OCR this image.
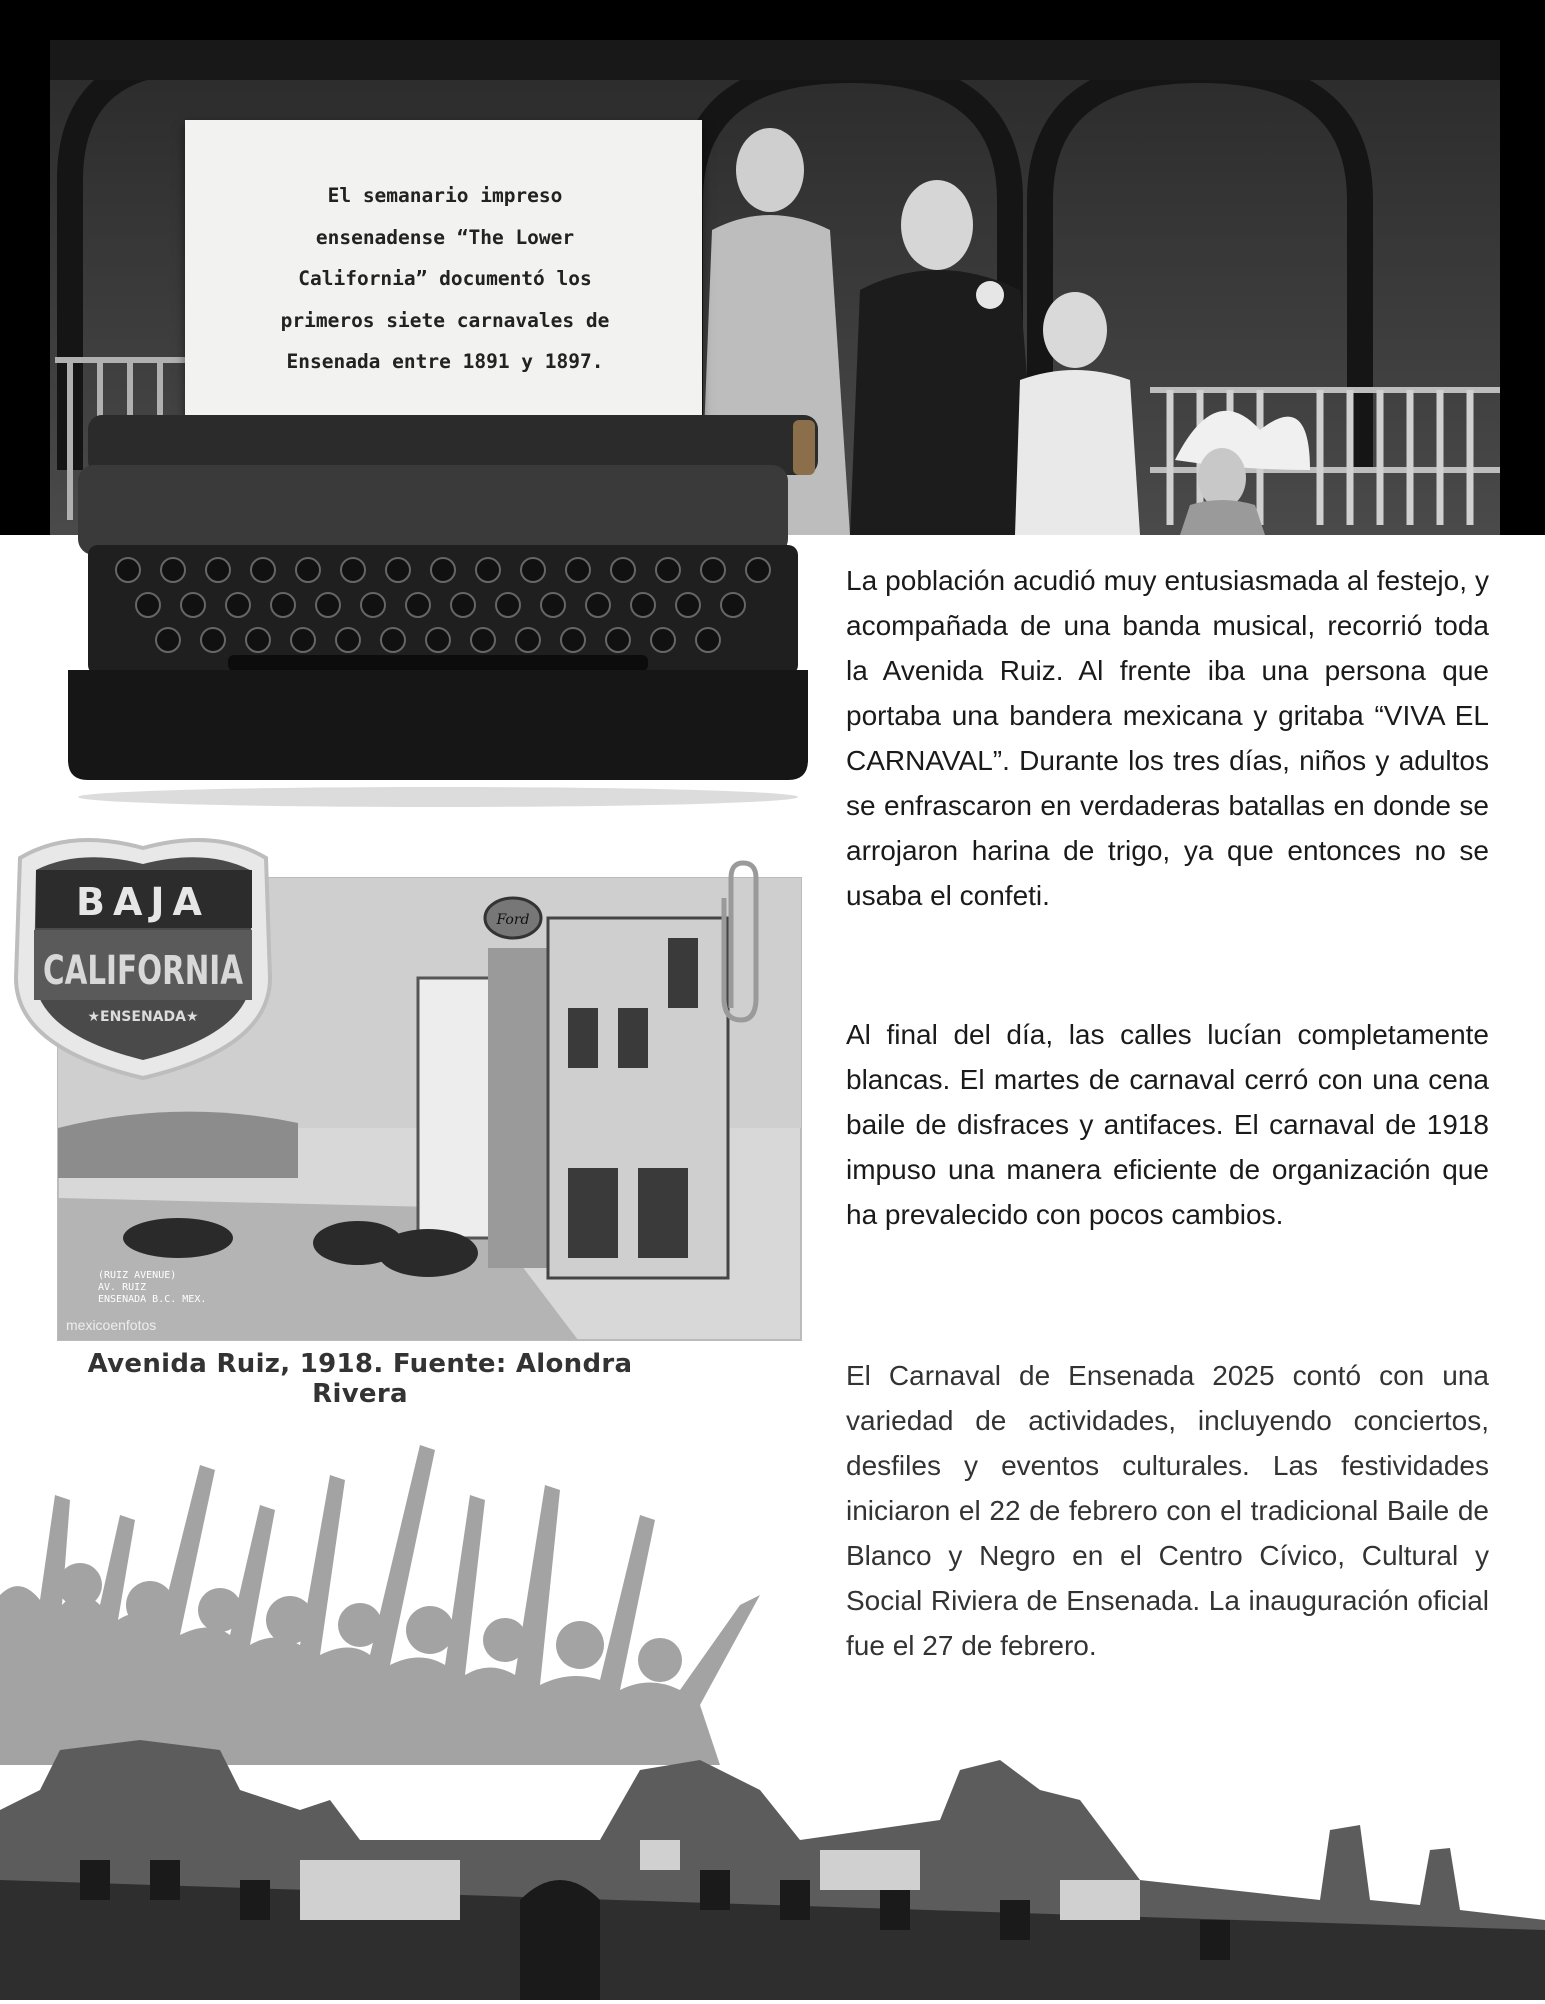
El semanario impreso
ensenadense “The Lower
California” documentó los
primeros siete carnavales de
Ensenada entre 1891 y 1897.
Ford
(RUIZ AVENUE)
AV. RUIZ
ENSENADA B.C. MEX.
mexicoenfotos
BAJA
CALIFORNIA
★ENSENADA★
Avenida Ruiz, 1918. Fuente: Alondra Rivera
La población acudió muy entusiasmada al festejo, y acompañada de una banda musical, recorrió toda la Avenida Ruiz. Al frente iba una persona que portaba una bandera mexicana y gritaba “VIVA EL CARNAVAL”. Durante los tres días, niños y adultos se enfrascaron en verdaderas batallas en donde se arrojaron harina de trigo, ya que entonces no se usaba el confeti.
Al final del día, las calles lucían completamente blancas. El martes de carnaval cerró con una cena baile de disfraces y antifaces. El carnaval de 1918 impuso una manera eficiente de organización que ha prevalecido con pocos cambios.
El Carnaval de Ensenada 2025 contó con una variedad de actividades, incluyendo conciertos, desfiles y eventos culturales. Las festividades iniciaron el 22 de febrero con el tradicional Baile de Blanco y Negro en el Centro Cívico, Cultural y Social Riviera de Ensenada. La inauguración oficial fue el 27 de febrero.
